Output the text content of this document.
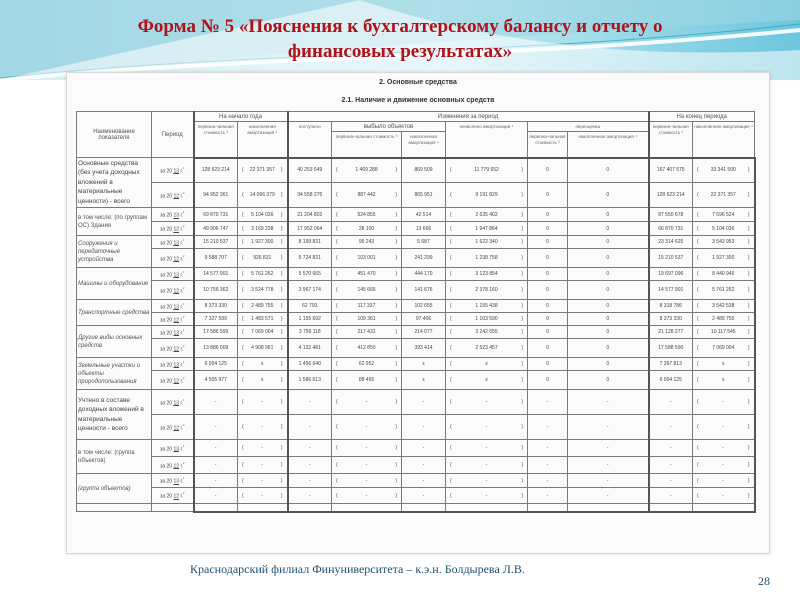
Форма № 5 «Пояснения к бухгалтерскому балансу и отчету о
финансовых результатах»
2. Основные средства
2.1. Наличие и движение основных средств
Наименование показателя	Период	На начало года		Изменения за период						На конец периода	
		первона-чальная стоимость ³	накопленная амортизация ⁴	поступило	выбыло объектов		начислено амортизации ⁴	переоценка		первона-чальная стоимость ³	накопленная амортизация ⁴
					первона-чальная стоимость ³	накопленная амортизация ⁴		первона-чальная стоимость ³	накопленная амортизация ⁴		
Основные средства (без учета доходных вложений в материальные ценности) - всего	за 20 13 г.$^{^1}$	128 623 214	( 22 371 357 )	40 253 649	( 1 469 288 )	869 509	( 11 779 652 )	0	0	167 407 575	( 33 341 500 )

	за 20 12 г.$^{^2}$	94 952 361	( 14 066 379 )	34 558 275	( 887 442 )	865 951	( 9 191 829 )	0	0	128 623 214	( 22 371 357 )

в том числе: (по группам ОС) Здания	за 20 13 г.$^{^1}$	69 870 731	( 5 104 036 )	21 204 802	( 524 855 )	42 514	( 2 635 402 )	0	0	87 550 678	( 7 696 524 )

	за 20 12 г.$^{^2}$	49 906 747	( 3 169 238 )	17 952 064	( 28 100 )	13 666	( 1 947 864 )	0	0	66 870 731	( 5 104 036 )

Сооружения и передаточные устройства	за 20 13 г.$^{^1}$	15 210 537	( 1 927 300 )	8 199 831	( 95 243 )	5 687	( 1 622 340 )	0	0	23 314 625	( 3 543 953 )

	за 20 12 г.$^{^2}$	9 588 707	( 926 831 )	5 724 831	( 103 001 )	241 299	( 1 238 758 )	0	0	15 210 537	( 1 927 300 )

Машины и оборудование	за 20 13 г.$^{^1}$	14 577 901	( 5 761 262 )	5 570 665	( 451 470 )	444 170	( 3 123 854 )	0	0	19 697 096	( 8 440 946 )

	за 20 12 г.$^{^2}$	10 756 362	( 3 524 778 )	3 967 174	( 145 665 )	141 676	( 2 378 160 )	0	0	14 577 901	( 5 761 262 )

Транспортные средства	за 20 13 г.$^{^1}$	8 373 330	( 2 489 755 )	62 793	( 117 337 )	102 655	( 1 155 438 )	0	0	8 318 786	( 3 542 538 )

	за 20 12 г.$^{^2}$	7 327 599	( 1 483 571 )	1 155 692	( 109 361 )	97 406	( 1 103 590 )	0	0	8 373 330	( 2 489 755 )

Другие виды основных средств	за 20 13 г.$^{^1}$	17 586 599	( 7 069 004 )	3 759 118	( 217 431 )	214 077	( 3 242 655 )	0	0	21 128 277	( 10 117 545 )

	за 20 12 г.$^{^2}$	13 886 009	( 4 908 961 )	4 132 481	( 412 850 )	393 414	( 2 523 457 )	0	0	17 588 590	( 7 069 004 )

Земельные участки и объекты природопользования	за 20 13 г.$^{^1}$	6 004 125	( x )	1 456 640	( 62 952 )	x	( x )	0	0	7 397 813	( x )

	за 20 12 г.$^{^2}$	4 505 977	( x )	1 586 613	( 88 465 )	x	( x )	0	0	6 004 125	( x )

Учтено в составе доходных вложений в материальные ценности - всего	за 20 13 г.$^{^1}$	-	( - )	-	( - )	-	( - )	-	-	-	( - )

	за 20 12 г.$^{^2}$	-	( - )	-	( - )	-	( - )	-	-	-	( - )

в том числе: (группа объектов)	за 20 13 г.$^{^1}$	-	( - )	-	( - )	-	( - )	-	-	-	( - )

	за 20 12 г.$^{^2}$	-	( - )	-	( - )	-	( - )	-	-	-	( - )

(группа объектов)	за 20 13 г.$^{^1}$	-	( - )	-	( - )	-	( - )	-	-	-	( - )

	за 20 12 г.$^{^2}$	-	( - )	-	( - )	-	( - )	-	-	-	( - )

Краснодарский филиал Финуниверситета – к.э.н. Болдырева Л.В.
28
